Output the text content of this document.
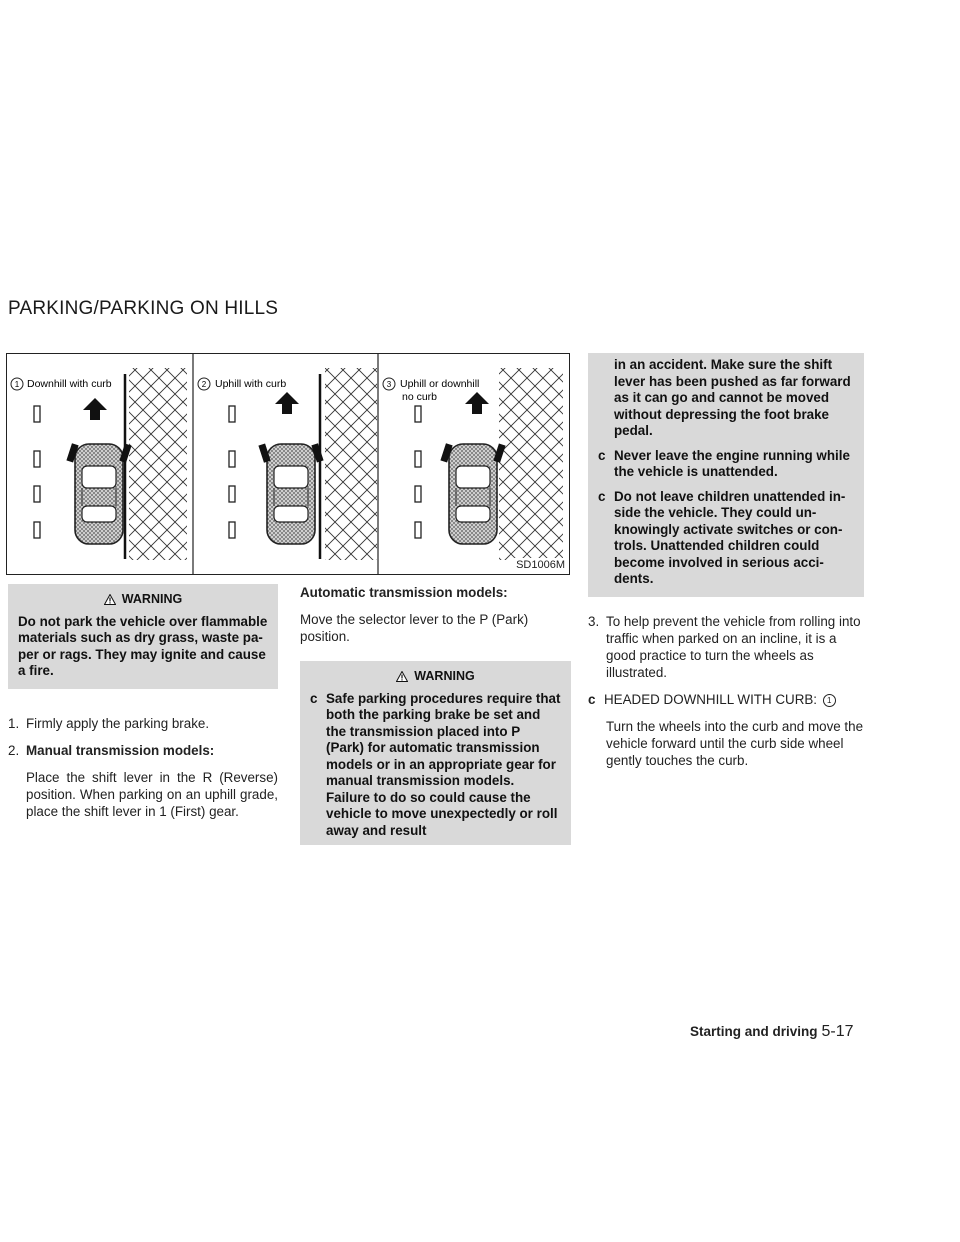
PARKING/PARKING ON HILLS
1 Downhill with curb	2 Uphill with curb	3 Uphill or downhill
no curb
SD1006M
WARNING
Do not park the vehicle over flammable materials such as dry grass, waste pa-per or rags. They may ignite and cause a fire.
1. Firmly apply the parking brake.
2. Manual transmission models:
Place the shift lever in the R (Reverse) position. When parking on an uphill grade, place the shift lever in 1 (First) gear.

Automatic transmission models:

Move the selector lever to the P (Park) position.

WARNING
c Safe parking procedures require that both the parking brake be set and the transmission placed into P (Park) for automatic transmission models or in an appropriate gear for manual transmission models. Failure to do so could cause the vehicle to move unexpectedly or roll away and result
in an accident. Make sure the shift lever has been pushed as far forward as it can go and cannot be moved without depressing the foot brake pedal.
c Never leave the engine running while the vehicle is unattended.
c Do not leave children unattended in-side the vehicle. They could un-knowingly activate switches or con-trols. Unattended children could become involved in serious acci-dents.
3. To help prevent the vehicle from rolling into traffic when parked on an incline, it is a good practice to turn the wheels as illustrated.
c HEADED DOWNHILL WITH CURB: 1
Turn the wheels into the curb and move the vehicle forward until the curb side wheel gently touches the curb.
Starting and driving 5-17
